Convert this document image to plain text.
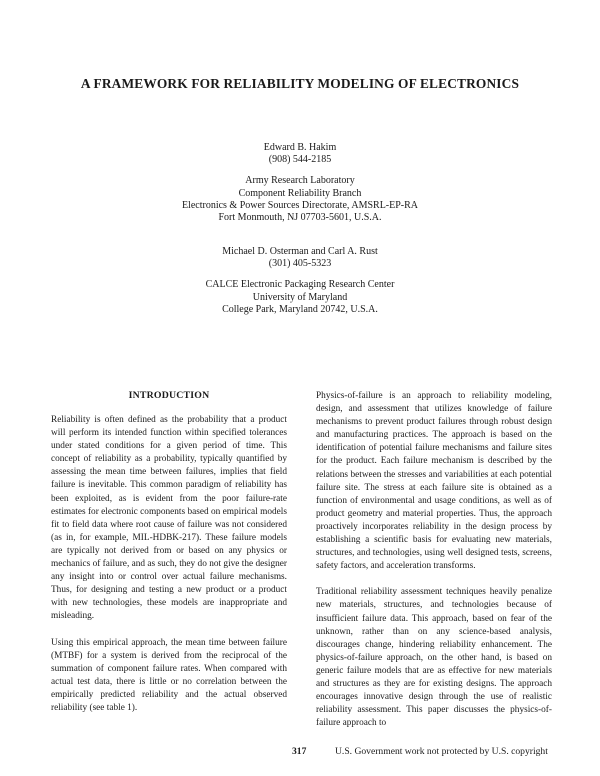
A FRAMEWORK FOR RELIABILITY MODELING OF ELECTRONICS
Edward B. Hakim
(908) 544-2185
Army Research Laboratory
Component Reliability Branch
Electronics & Power Sources Directorate, AMSRL-EP-RA
Fort Monmouth, NJ 07703-5601, U.S.A.
Michael D. Osterman and Carl A. Rust
(301) 405-5323
CALCE Electronic Packaging Research Center
University of Maryland
College Park, Maryland 20742, U.S.A.
INTRODUCTION

Reliability is often defined as the probability that a product will perform its intended function within specified tolerances under stated conditions for a given period of time. This concept of reliability as a probability, typically quantified by assessing the mean time between failures, implies that field failure is inevitable. This common paradigm of reliability has been exploited, as is evident from the poor failure-rate estimates for electronic components based on empirical models fit to field data where root cause of failure was not considered (as in, for example, MIL-HDBK-217). These failure models are typically not derived from or based on any physics or mechanics of failure, and as such, they do not give the designer any insight into or control over actual failure mechanisms. Thus, for designing and testing a new product or a product with new technologies, these models are inappropriate and misleading.

Using this empirical approach, the mean time between failure (MTBF) for a system is derived from the reciprocal of the summation of component failure rates. When compared with actual test data, there is little or no correlation between the empirically predicted reliability and the actual observed reliability (see table 1).

Physics-of-failure is an approach to reliability modeling, design, and assessment that utilizes knowledge of failure mechanisms to prevent product failures through robust design and manufacturing practices. The approach is based on the identification of potential failure mechanisms and failure sites for the product. Each failure mechanism is described by the relations between the stresses and variabilities at each potential failure site. The stress at each failure site is obtained as a function of environmental and usage conditions, as well as of product geometry and material properties. Thus, the approach proactively incorporates reliability in the design process by establishing a scientific basis for evaluating new materials, structures, and technologies, using well designed tests, screens, safety factors, and acceleration transforms.

Traditional reliability assessment techniques heavily penalize new materials, structures, and technologies because of insufficient failure data. This approach, based on fear of the unknown, rather than on any science-based analysis, discourages change, hindering reliability enhancement. The physics-of-failure approach, on the other hand, is based on generic failure models that are as effective for new materials and structures as they are for existing designs. The approach encourages innovative design through the use of realistic reliability assessment. This paper discusses the physics-of-failure approach to

317	U.S. Government work not protected by U.S. copyright
